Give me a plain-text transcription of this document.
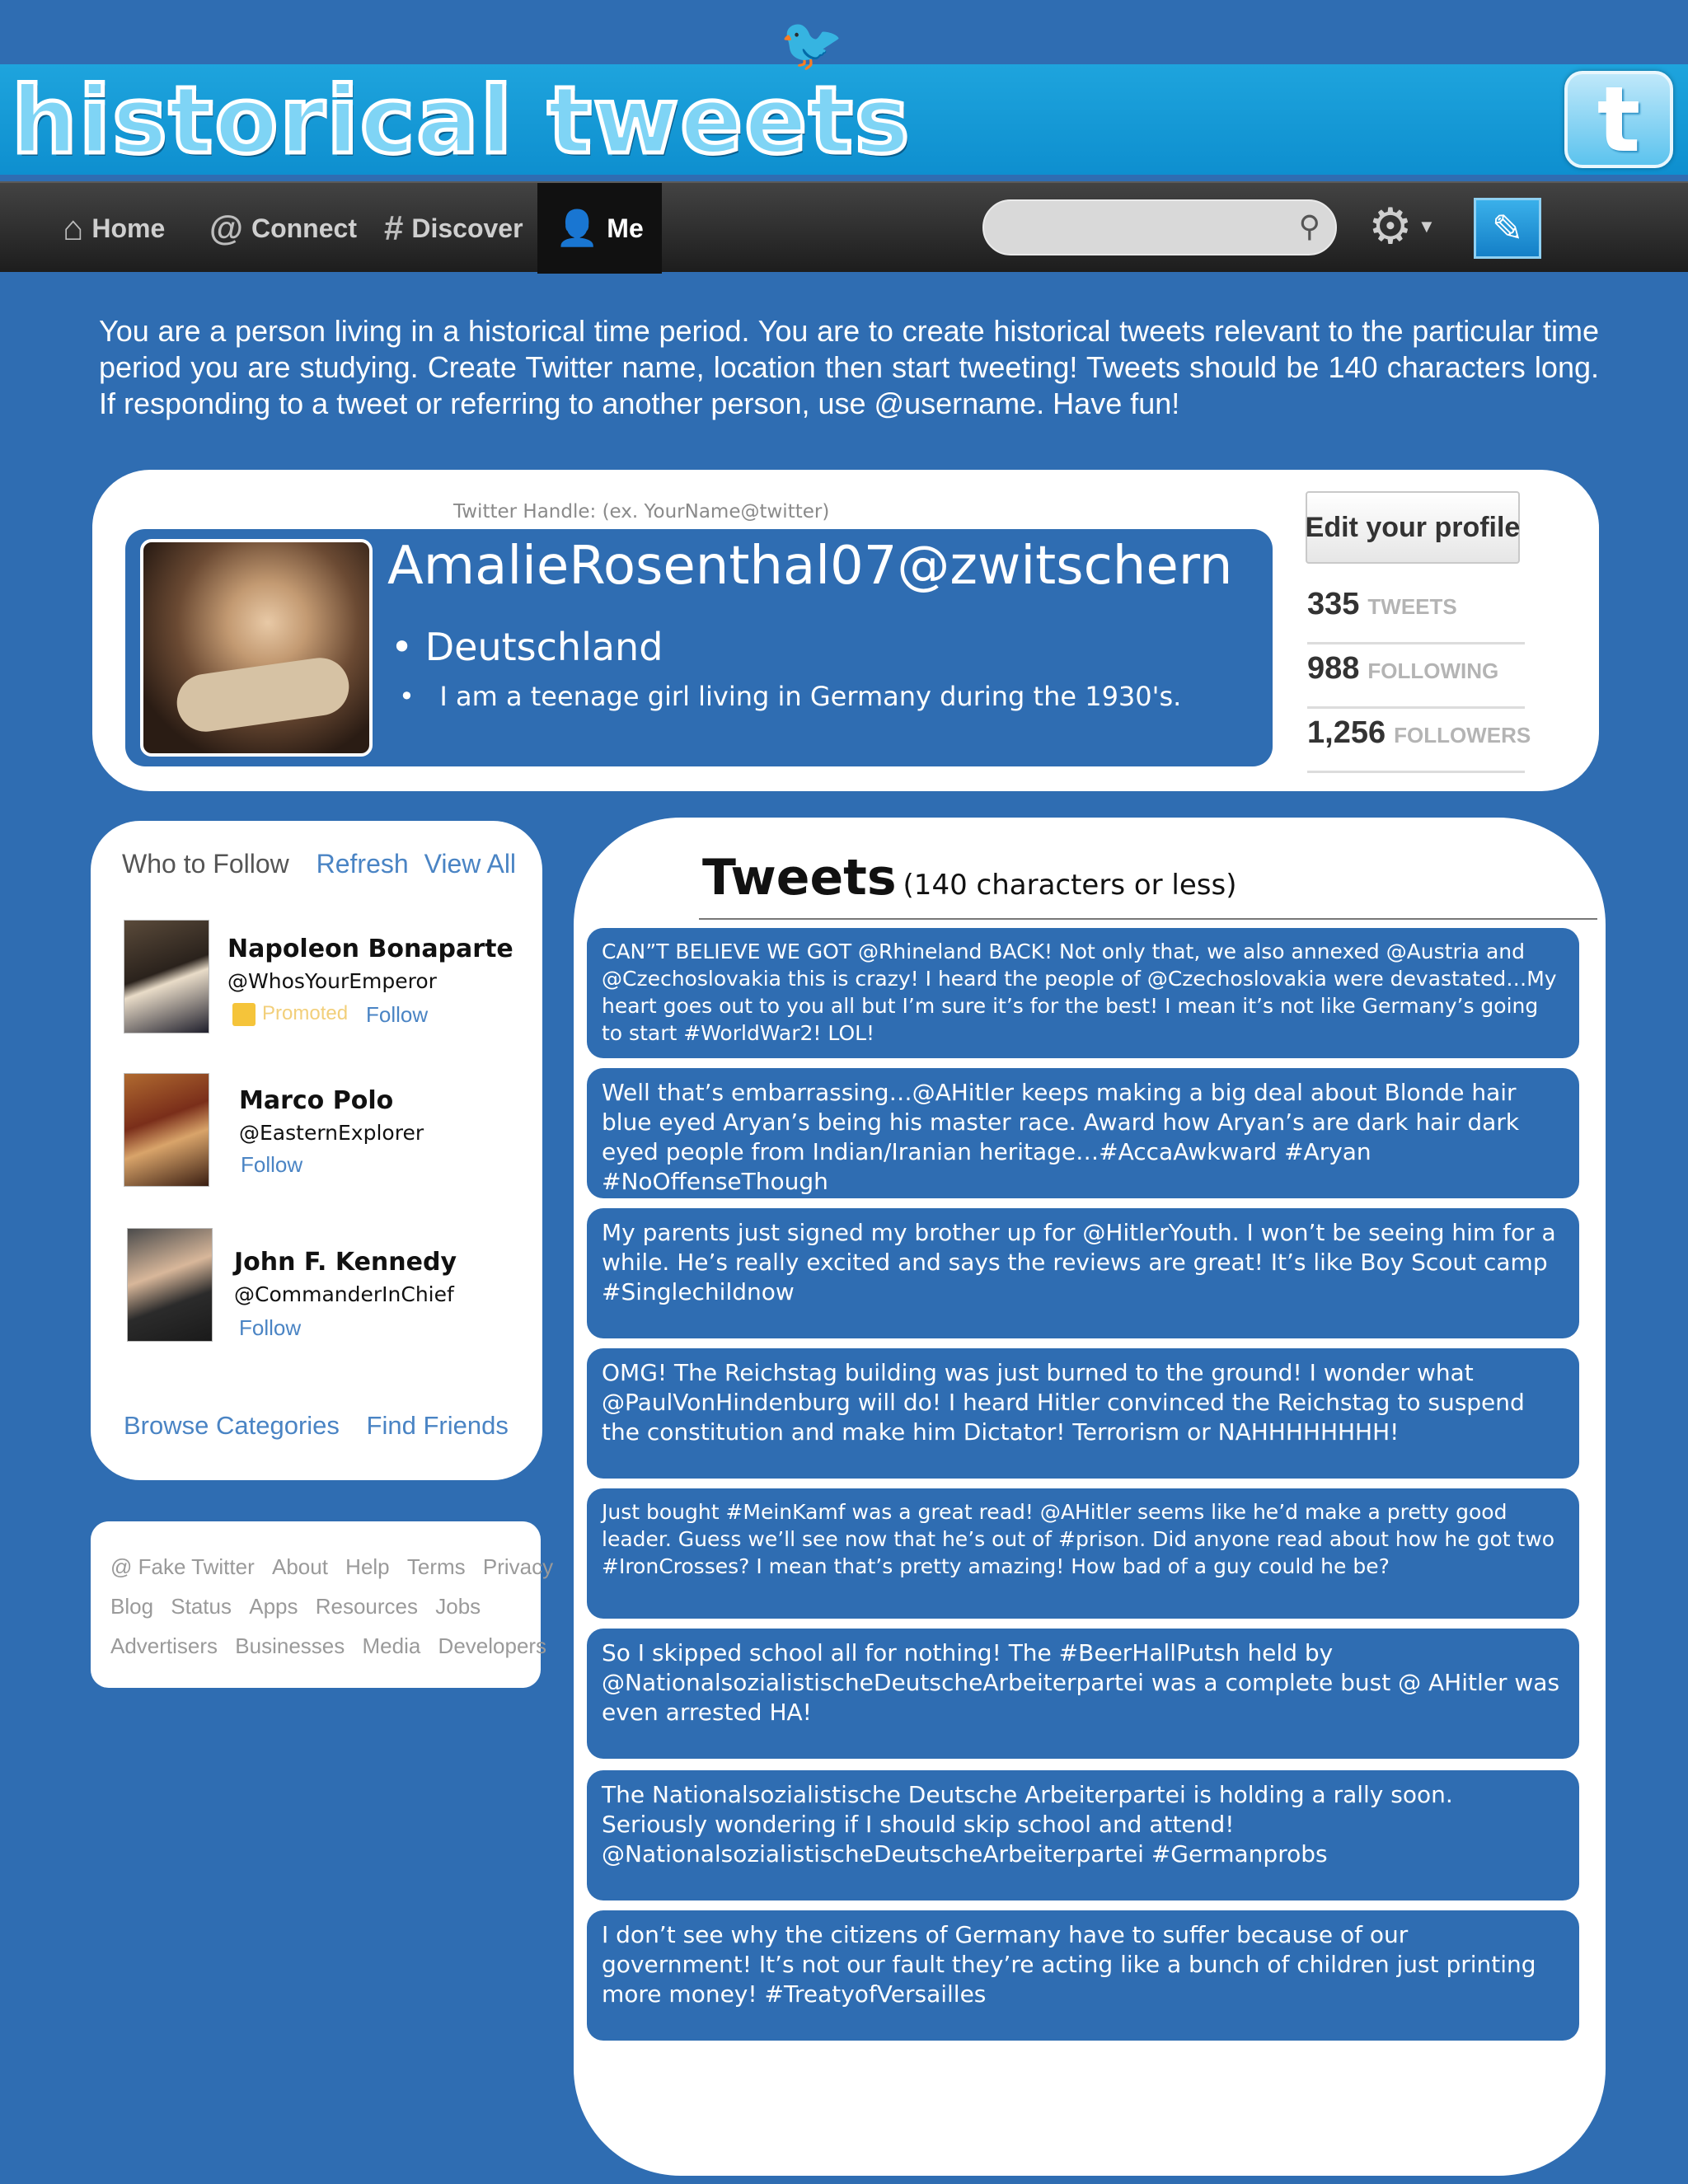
historical tweets	t
⌂ Home @ Connect # Discover 👤 Me
🐦
⚲ ⚙ ▼	✎
You are a person living in a historical time period. You are to create historical tweets relevant to the particular time period you are studying. Create Twitter name, location then start tweeting! Tweets should be 140 characters long. If responding to a tweet or referring to another person, use @username. Have fun!
Twitter Handle: (ex. YourName@twitter)
AmalieRosenthal07@zwitschern
• Deutschland
•   I am a teenage girl living in Germany during the 1930's.
Edit your profile
335 TWEETS
988 FOLLOWING
1,256 FOLLOWERS
Who to Follow Refresh View All
Napoleon Bonaparte
@WhosYourEmperor
Promoted Follow
Marco Polo
@EasternExplorer
Follow
John F. Kennedy
@CommanderInChief
Follow
Browse Categories Find Friends
@ Fake Twitter About Help Terms Privacy
Blog Status Apps Resources Jobs
Advertisers Businesses Media Developers
Tweets (140 characters or less)
CAN”T BELIEVE WE GOT @Rhineland BACK! Not only that, we also annexed @Austria and @Czechoslovakia this is crazy! I heard the people of @Czechoslovakia were devastated…My heart goes out to you all but I’m sure it’s for the best! I mean it’s not like Germany’s going to start #WorldWar2! LOL!
Well that’s embarrassing…@AHitler keeps making a big deal about Blonde hair blue eyed Aryan’s being his master race. Award how Aryan’s are dark hair dark eyed people from Indian/Iranian heritage…#AccaAwkward #Aryan #NoOffenseThough
My parents just signed my brother up for @HitlerYouth. I won’t be seeing him for a while. He’s really excited and says the reviews are great! It’s like Boy Scout camp #Singlechildnow
OMG! The Reichstag building was just burned to the ground! I wonder what @PaulVonHindenburg will do! I heard Hitler convinced the Reichstag to suspend the constitution and make him Dictator! Terrorism or NAHHHHHHHH!
Just bought #MeinKamf was a great read! @AHitler seems like he’d make a pretty good leader. Guess we’ll see now that he’s out of #prison. Did anyone read about how he got two #IronCrosses? I mean that’s pretty amazing! How bad of a guy could he be?
So I skipped school all for nothing! The #BeerHallPutsh held by @NationalsozialistischeDeutscheArbeiterpartei was a complete bust @ AHitler was even arrested HA!
The Nationalsozialistische Deutsche Arbeiterpartei is holding a rally soon. Seriously wondering if I should skip school and attend! @NationalsozialistischeDeutscheArbeiterpartei #Germanprobs
I don’t see why the citizens of Germany have to suffer because of our government! It’s not our fault they’re acting like a bunch of children just printing more money! #TreatyofVersailles
